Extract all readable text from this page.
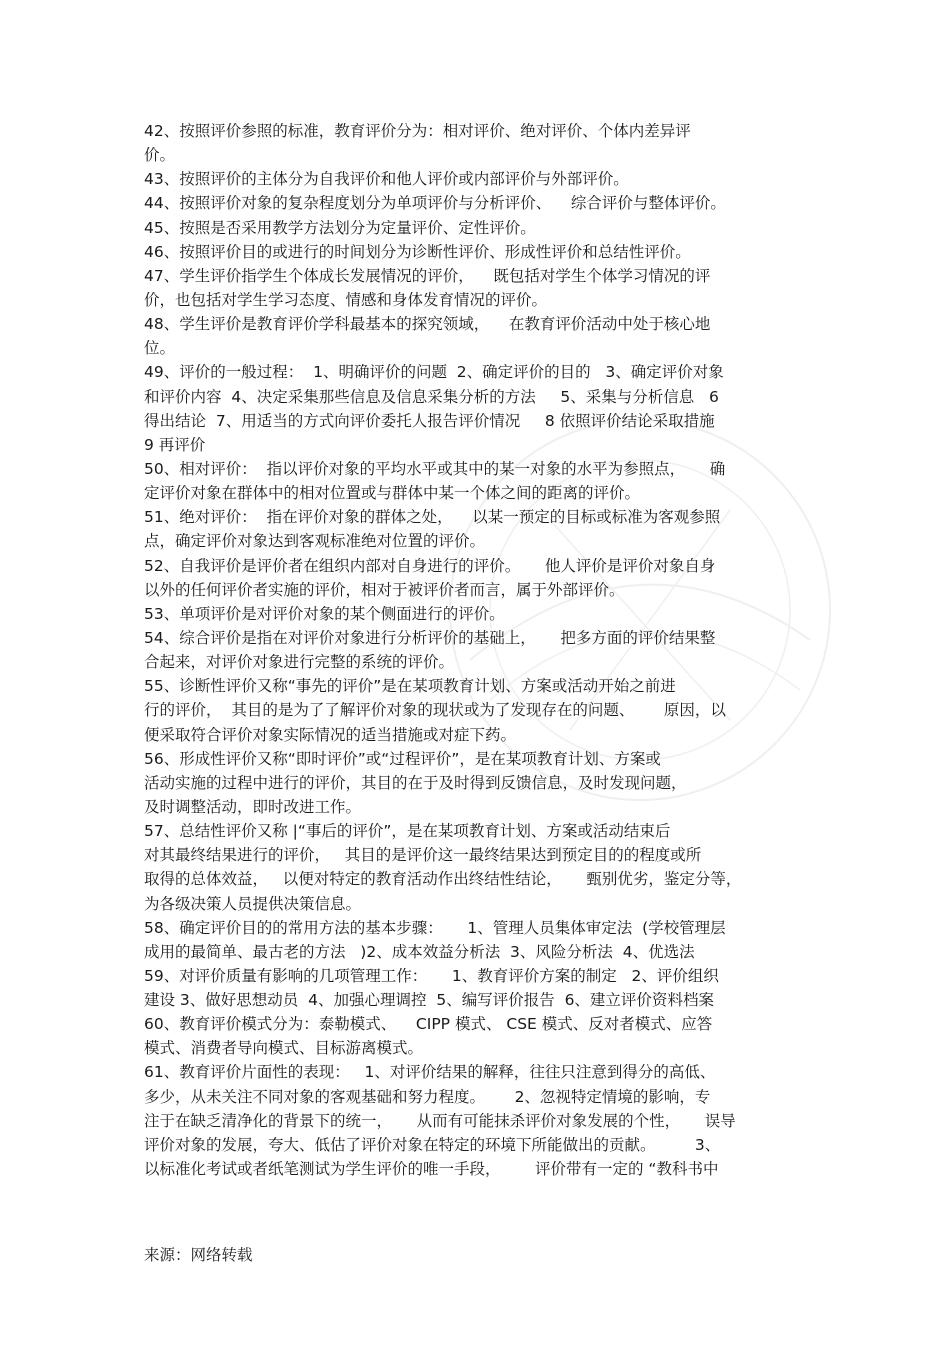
42、按照评价参照的标准，教育评价分为：相对评价、绝对评价、个体内差异评
价。
43、按照评价的主体分为自我评价和他人评价或内部评价与外部评价。
44、按照评价对象的复杂程度划分为单项评价与分析评价、    综合评价与整体评价。
45、按照是否采用教学方法划分为定量评价、定性评价。
46、按照评价目的或进行的时间划分为诊断性评价、形成性评价和总结性评价。
47、学生评价指学生个体成长发展情况的评价，    既包括对学生个体学习情况的评
价，也包括对学生学习态度、情感和身体发育情况的评价。
48、学生评价是教育评价学科最基本的探究领域，    在教育评价活动中处于核心地
位。
49、评价的一般过程：  1、明确评价的问题  2、确定评价的目的   3、确定评价对象
和评价内容  4、决定采集那些信息及信息采集分析的方法     5、采集与分析信息   6
得出结论  7、用适当的方式向评价委托人报告评价情况     8 依照评价结论采取措施
9 再评价
50、相对评价：  指以评价对象的平均水平或其中的某一对象的水平为参照点，     确
定评价对象在群体中的相对位置或与群体中某一个体之间的距离的评价。
51、绝对评价：  指在评价对象的群体之处，    以某一预定的目标或标准为客观参照
点，确定评价对象达到客观标准绝对位置的评价。
52、自我评价是评价者在组织内部对自身进行的评价。     他人评价是评价对象自身
以外的任何评价者实施的评价，相对于被评价者而言，属于外部评价。
53、单项评价是对评价对象的某个侧面进行的评价。
54、综合评价是指在对评价对象进行分析评价的基础上，     把多方面的评价结果整
合起来，对评价对象进行完整的系统的评价。
55、诊断性评价又称“事先的评价”是在某项教育计划、方案或活动开始之前进
行的评价，  其目的是为了了解评价对象的现状或为了发现存在的问题、      原因，以
便采取符合评价对象实际情况的适当措施或对症下药。
56、形成性评价又称“即时评价”或“过程评价”，是在某项教育计划、方案或
活动实施的过程中进行的评价，其目的在于及时得到反馈信息，及时发现问题，
及时调整活动，即时改进工作。
57、总结性评价又称 |“事后的评价”，是在某项教育计划、方案或活动结束后
对其最终结果进行的评价，   其目的是评价这一最终结果达到预定目的的程度或所
取得的总体效益，   以便对特定的教育活动作出终结性结论，     甄别优劣，鉴定分等，
为各级决策人员提供决策信息。
58、确定评价目的的常用方法的基本步骤：     1、管理人员集体审定法  (学校管理层
成用的最简单、最古老的方法   )2、成本效益分析法  3、风险分析法  4、优选法
59、对评价质量有影响的几项管理工作：     1、教育评价方案的制定   2、评价组织
建设 3、做好思想动员  4、加强心理调控  5、编写评价报告  6、建立评价资料档案
60、教育评价模式分为：泰勒模式、    CIPP 模式、 CSE 模式、反对者模式、应答
模式、消费者导向模式、目标游离模式。
61、教育评价片面性的表现：   1、对评价结果的解释，往往只注意到得分的高低、
多少，从未关注不同对象的客观基础和努力程度。      2、忽视特定情境的影响，专
注于在缺乏清净化的背景下的统一，     从而有可能抹杀评价对象发展的个性，     误导
评价对象的发展，夸大、低估了评价对象在特定的环境下所能做出的贡献。        3、
以标准化考试或者纸笔测试为学生评价的唯一手段，       评价带有一定的 “教科书中
来源：网络转载
